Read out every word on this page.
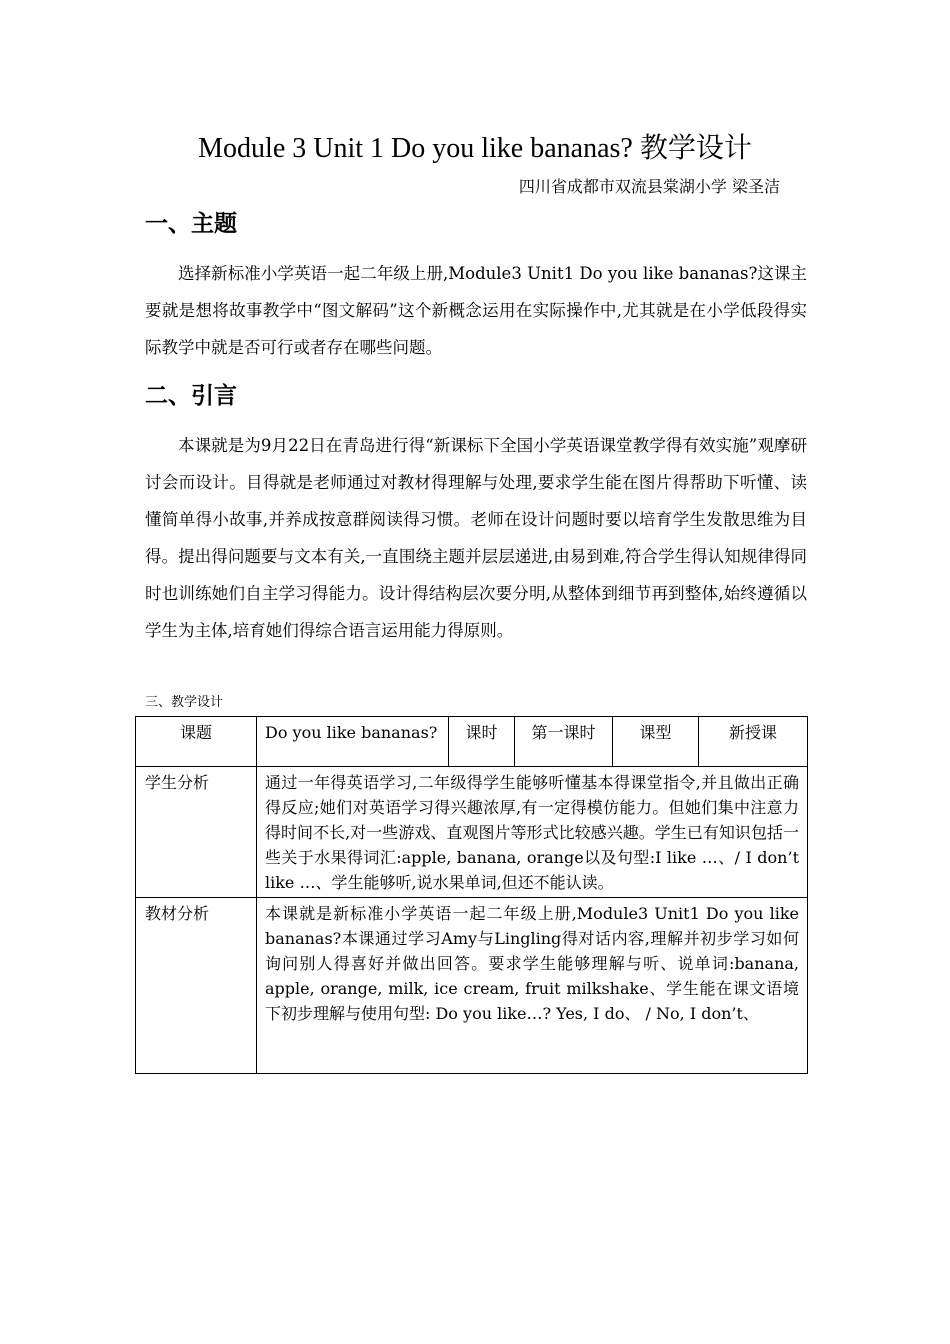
Module 3 Unit 1 Do you like bananas? 教学设计
四川省成都市双流县棠湖小学 梁圣洁
一、主题
选择新标准小学英语一起二年级上册,Module3 Unit1 Do you like bananas?这课主要就是想将故事教学中“图文解码”这个新概念运用在实际操作中,尤其就是在小学低段得实际教学中就是否可行或者存在哪些问题。
二、引言
本课就是为9月22日在青岛进行得“新课标下全国小学英语课堂教学得有效实施”观摩研讨会而设计。目得就是老师通过对教材得理解与处理,要求学生能在图片得帮助下听懂、读懂简单得小故事,并养成按意群阅读得习惯。老师在设计问题时要以培育学生发散思维为目得。提出得问题要与文本有关,一直围绕主题并层层递进,由易到难,符合学生得认知规律得同时也训练她们自主学习得能力。设计得结构层次要分明,从整体到细节再到整体,始终遵循以学生为主体,培育她们得综合语言运用能力得原则。
三、教学设计
课题	Do you like bananas?	课时	第一课时	课型	新授课
学生分析	通过一年得英语学习,二年级得学生能够听懂基本得课堂指令,并且做出正确得反应;她们对英语学习得兴趣浓厚,有一定得模仿能力。但她们集中注意力得时间不长,对一些游戏、直观图片等形式比较感兴趣。学生已有知识包括一些关于水果得词汇:apple, banana, orange以及句型:I like …、/ I don’t like …、学生能够听,说水果单词,但还不能认读。				
教材分析	本课就是新标准小学英语一起二年级上册,Module3 Unit1 Do you like bananas?本课通过学习Amy与Lingling得对话内容,理解并初步学习如何询问别人得喜好并做出回答。要求学生能够理解与听、说单词:banana, apple, orange, milk, ice cream, fruit milkshake、学生能在课文语境下初步理解与使用句型: Do you like…? Yes, I do、 / No, I don’t、				
